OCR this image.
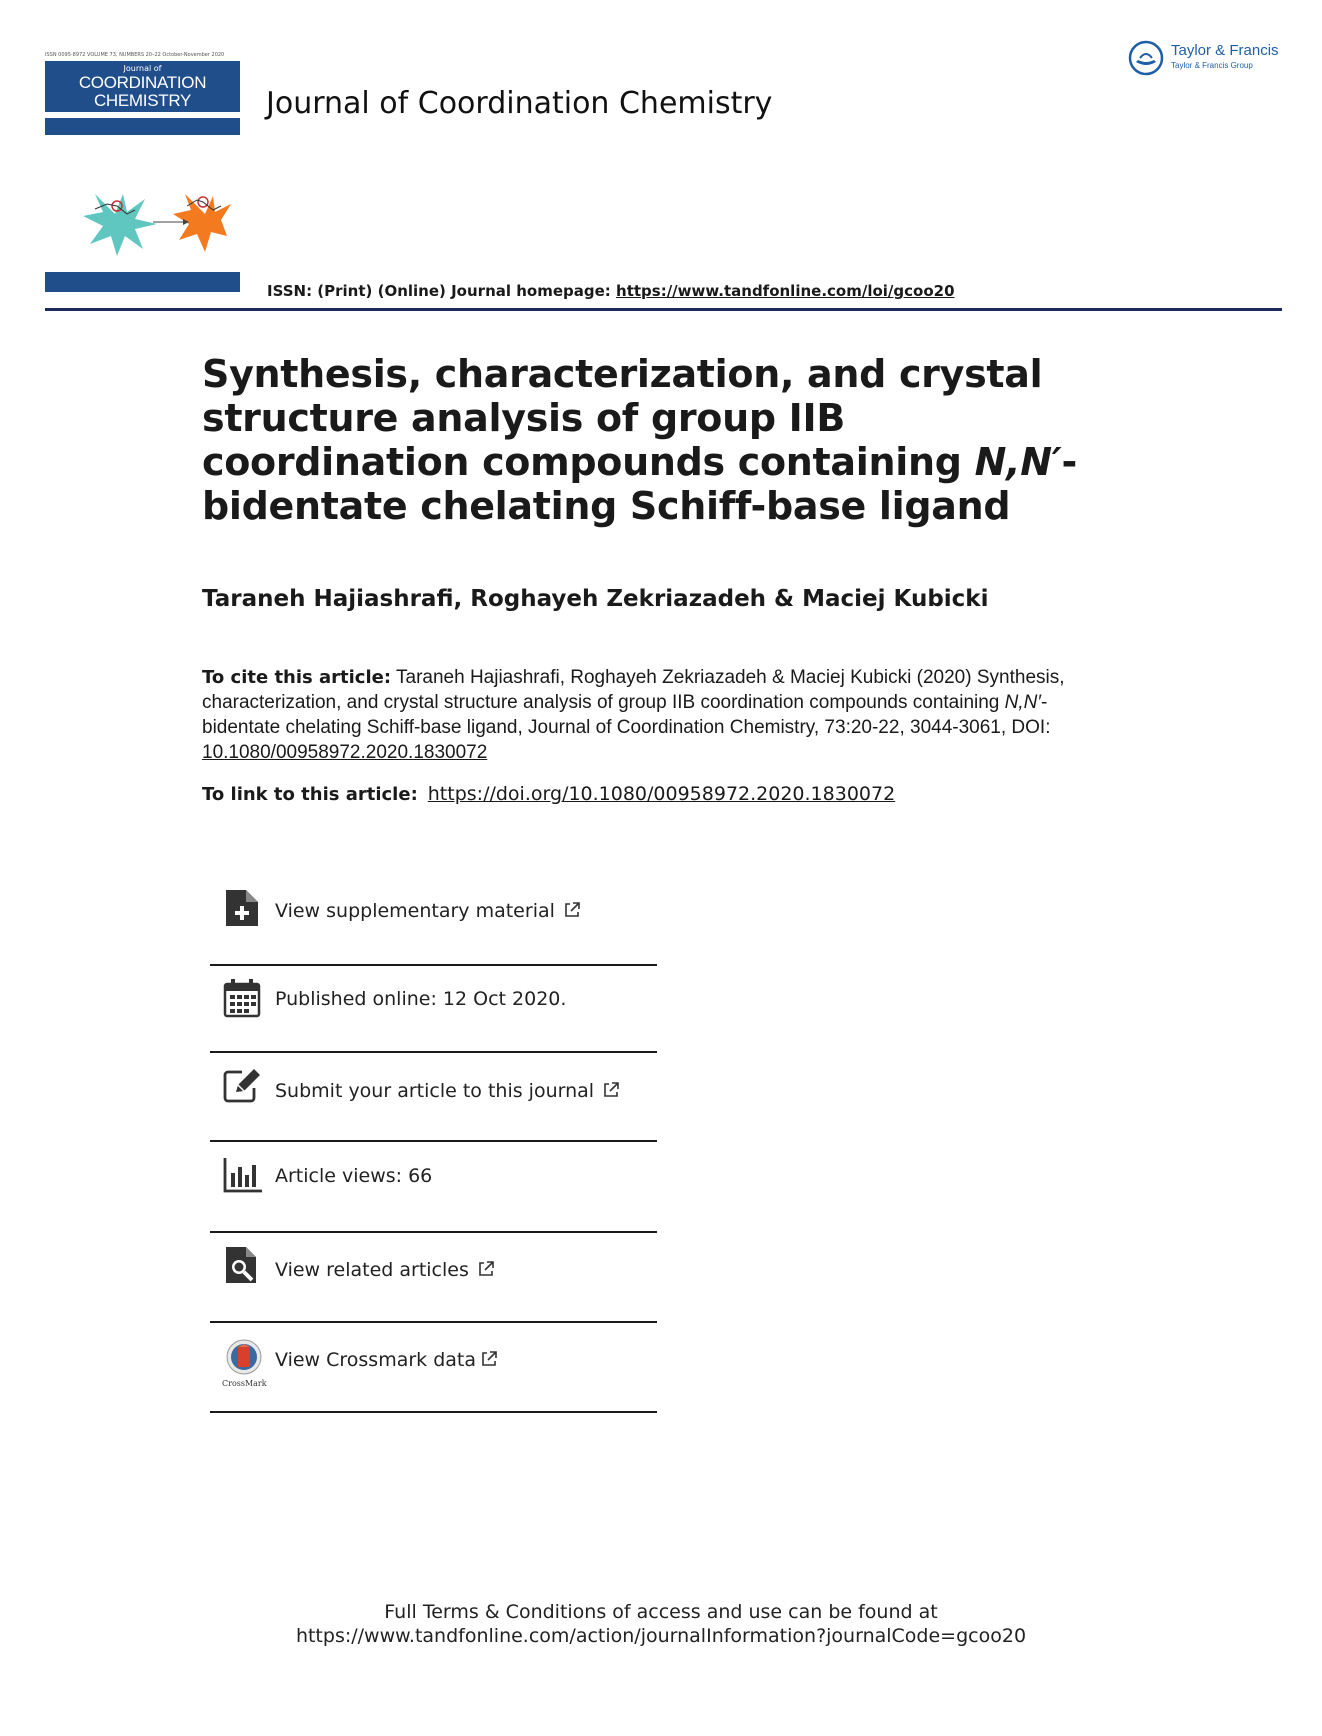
ISSN 0095-8972 VOLUME 73, NUMBERS 20–22 October-November 2020
Journal of
COORDINATION
CHEMISTRY	Journal of Coordination Chemistry
Taylor & Francis
Taylor & Francis Group
ISSN: (Print) (Online) Journal homepage: https://www.tandfonline.com/loi/gcoo20
Synthesis, characterization, and crystal structure analysis of group IIB coordination compounds containing N,N′-bidentate chelating Schiff-base ligand
Taraneh Hajiashrafi, Roghayeh Zekriazadeh & Maciej Kubicki
To cite this article: Taraneh Hajiashrafi, Roghayeh Zekriazadeh & Maciej Kubicki (2020) Synthesis, characterization, and crystal structure analysis of group IIB coordination compounds containing N,N′-bidentate chelating Schiff-base ligand, Journal of Coordination Chemistry, 73:20-22, 3044-3061, DOI: 10.1080/00958972.2020.1830072
To link to this article: https://doi.org/10.1080/00958972.2020.1830072
View supplementary material
Published online: 12 Oct 2020.
Submit your article to this journal
Article views: 66
View related articles
CrossMark
View Crossmark data
Full Terms & Conditions of access and use can be found at
https://www.tandfonline.com/action/journalInformation?journalCode=gcoo20
